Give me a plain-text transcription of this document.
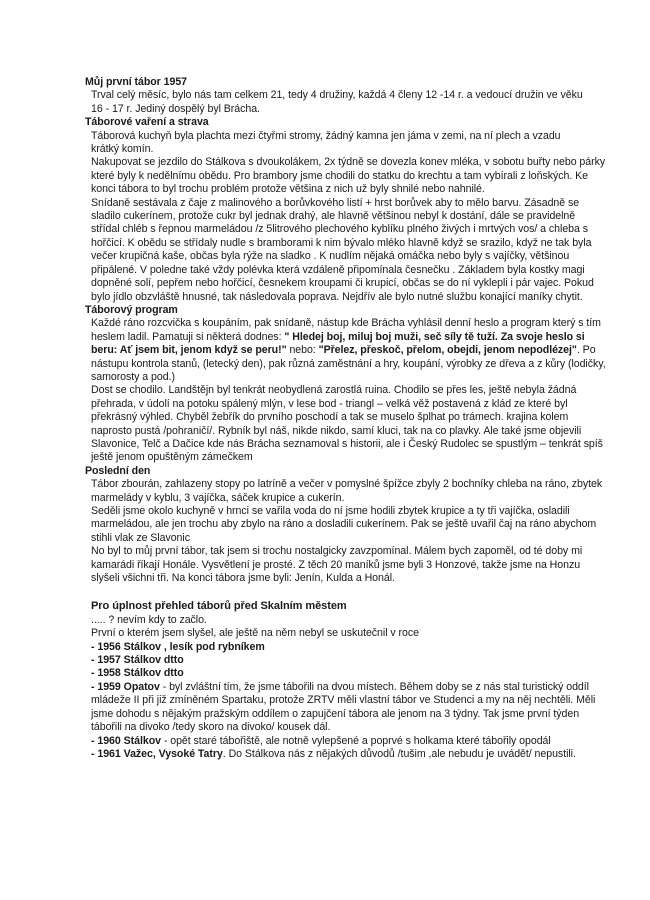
Můj první tábor 1957

Trval celý měsíc, bylo nás tam celkem 21, tedy 4 družiny, každá 4 členy 12 -14 r. a vedoucí družin ve věku

16 - 17 r. Jediný dospělý byl Brácha.

Táborové vaření a strava

Táborová kuchyň byla plachta mezi čtyřmi stromy, žádný kamna jen jáma v zemi, na ní plech a vzadu

krátký komín.

Nakupovat se jezdilo do Stálkova s dvoukolákem, 2x týdně se dovezla konev mléka, v sobotu buřty nebo párky které byly k nedělnímu obědu. Pro brambory jsme chodili do statku do krechtu a tam vybírali z loňských. Ke konci tábora to byl trochu problém protože většina z nich už byly shnilé nebo nahnilé.

Snídaně sestávala z čaje z malinového a borůvkového listí + hrst borůvek aby to mělo barvu. Zásadně se sladilo cukerínem, protože cukr byl jednak drahý, ale hlavně většinou nebyl k dostání, dále se pravidelně střídal chléb s řepnou marmeládou /z 5litrového plechového kyblíku plného živých i mrtvých vos/ a chleba s hořčicí. K obědu se střídaly nudle s bramborami k nim bývalo mléko hlavně když se srazilo, když ne tak byla večer krupičná kaše, občas byla rýže na sladko . K nudlím nějaká omáčka nebo byly s vajíčky, většinou připálené. V poledne také vždy polévka která vzdáleně připomínala česnečku . Základem byla kostky magi dopněné solí, pepřem nebo hořčicí, česnekem kroupami či krupicí, občas se do ní vyklepli i pár vajec. Pokud bylo jídlo obzvláště hnusné, tak následovala poprava. Nejdřív ale bylo nutné službu konající maníky chytit.

Táborový program

Každé ráno rozcvička s koupáním, pak snídaně, nástup kde Brácha vyhlásil denní heslo a program který s tím heslem ladil. Pamatuji si některá dodnes: " Hledej boj, miluj boj muži, seč síly tě tuží. Za svoje heslo si beru: Ať jsem bit, jenom když se peru!" nebo: "Přelez, přeskoč, přelom, obejdi, jenom nepodlézej". Po nástupu kontrola stanů, (letecký den), pak různá zaměstnání a hry, koupání, výrobky ze dřeva a z kůry (lodičky, samorosty a pod.)

Dost se chodilo. Landštějn byl tenkrát neobydlená zarostlá ruina. Chodilo se přes les, ještě nebyla žádná přehrada, v údolí na potoku spálený mlýn, v lese bod - triangl – velká věž postavená z klád ze které byl překrásný výhled. Chyběl žebřík do prvního poschodí a tak se muselo šplhat po trámech. krajina kolem naprosto pustá /pohraničí/. Rybník byl náš, nikde nikdo, samí kluci, tak na co plavky. Ale také jsme objevili Slavonice, Telč a Dačice kde nás Brácha seznamoval s historii, ale i Český Rudolec se spustlým – tenkrát spíš ještě jenom opuštěným zámečkem

Poslední den

Tábor zbourán, zahlazeny stopy po latríně a večer v pomyslné špížce zbyly 2 bochníky chleba na ráno, zbytek marmelády v kyblu, 3 vajíčka, sáček krupice a cukerín.

Seděli jsme okolo kuchyně v hrnci se vařila voda do ní jsme hodili zbytek krupice a ty tři vajíčka, osladili marmeládou, ale jen trochu aby zbylo na ráno a dosladili cukerínem. Pak se ještě uvařil čaj na ráno abychom stihli vlak ze Slavonic

No byl to můj první tábor, tak jsem si trochu nostalgicky zavzpomínal. Málem bych zapoměl, od té doby mi kamarádi říkají Honále. Vysvětlení je prosté. Z těch 20 maníků jsme byli 3 Honzové, takže jsme na Honzu slyšeli všichni tři. Na konci tábora jsme byli: Jenín, Kulda a Honál.

Pro úplnost přehled táborů před Skalním městem

..... ? nevím kdy to začlo.

První o kterém jsem slyšel, ale ještě na něm nebyl se uskutečnil v roce

- 1956 Stálkov , lesík pod rybníkem

- 1957 Stálkov dtto

- 1958 Stálkov dtto

- 1959 Opatov - byl zvláštní tím, že jsme tábořili na dvou místech. Během doby se z nás stal turistický oddíl mládeže II při již zmíněném Spartaku, protože ZRTV měli vlastní tábor ve Studenci a my na něj nechtěli. Měli jsme dohodu s nějakým pražským oddílem o zapujčení tábora ale jenom na 3 týdny. Tak jsme první týden tábořili na divoko /tedy skoro na divoko/ kousek dál.

- 1960 Stálkov - opět staré tábořiště, ale notně vylepšené a poprvé s holkama které tábořily opodál

- 1961 Važec, Vysoké Tatry. Do Stálkova nás z nějakých důvodů /tušim ,ale nebudu je uvádět/ nepustili.
